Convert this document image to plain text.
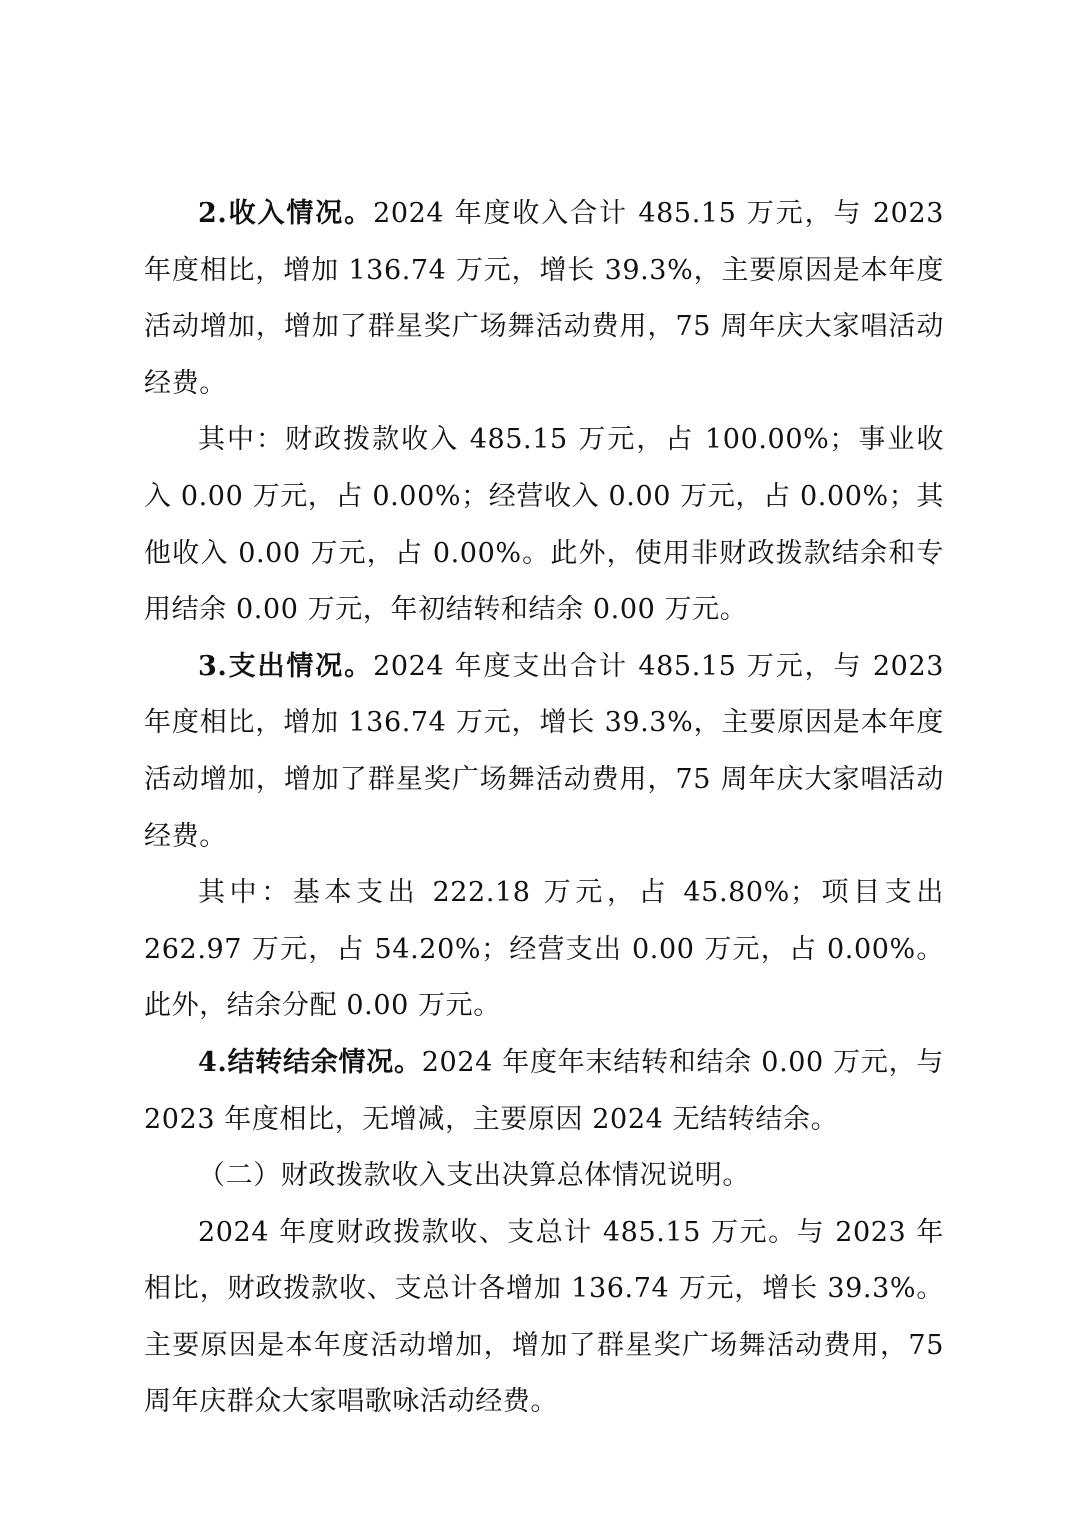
2.收入情况。2024 年度收入合计 485.15 万元，与 2023 年度相比，增加 136.74 万元，增长 39.3%，主要原因是本年度活动增加，增加了群星奖广场舞活动费用，75 周年庆大家唱活动经费。

其中：财政拨款收入 485.15 万元，占 100.00%；事业收入 0.00 万元，占 0.00%；经营收入 0.00 万元，占 0.00%；其他收入 0.00 万元，占 0.00%。此外，使用非财政拨款结余和专用结余 0.00 万元，年初结转和结余 0.00 万元。

3.支出情况。2024 年度支出合计 485.15 万元，与 2023 年度相比，增加 136.74 万元，增长 39.3%，主要原因是本年度活动增加，增加了群星奖广场舞活动费用，75 周年庆大家唱活动经费。

其中：基本支出 222.18 万元，占 45.80%；项目支出 262.97 万元，占 54.20%；经营支出 0.00 万元，占 0.00%。此外，结余分配 0.00 万元。

4.结转结余情况。2024 年度年末结转和结余 0.00 万元，与 2023 年度相比，无增减，主要原因 2024 无结转结余。

（二）财政拨款收入支出决算总体情况说明。

2024 年度财政拨款收、支总计 485.15 万元。与 2023 年相比，财政拨款收、支总计各增加 136.74 万元，增长 39.3%。主要原因是本年度活动增加，增加了群星奖广场舞活动费用，75 周年庆群众大家唱歌咏活动经费。
